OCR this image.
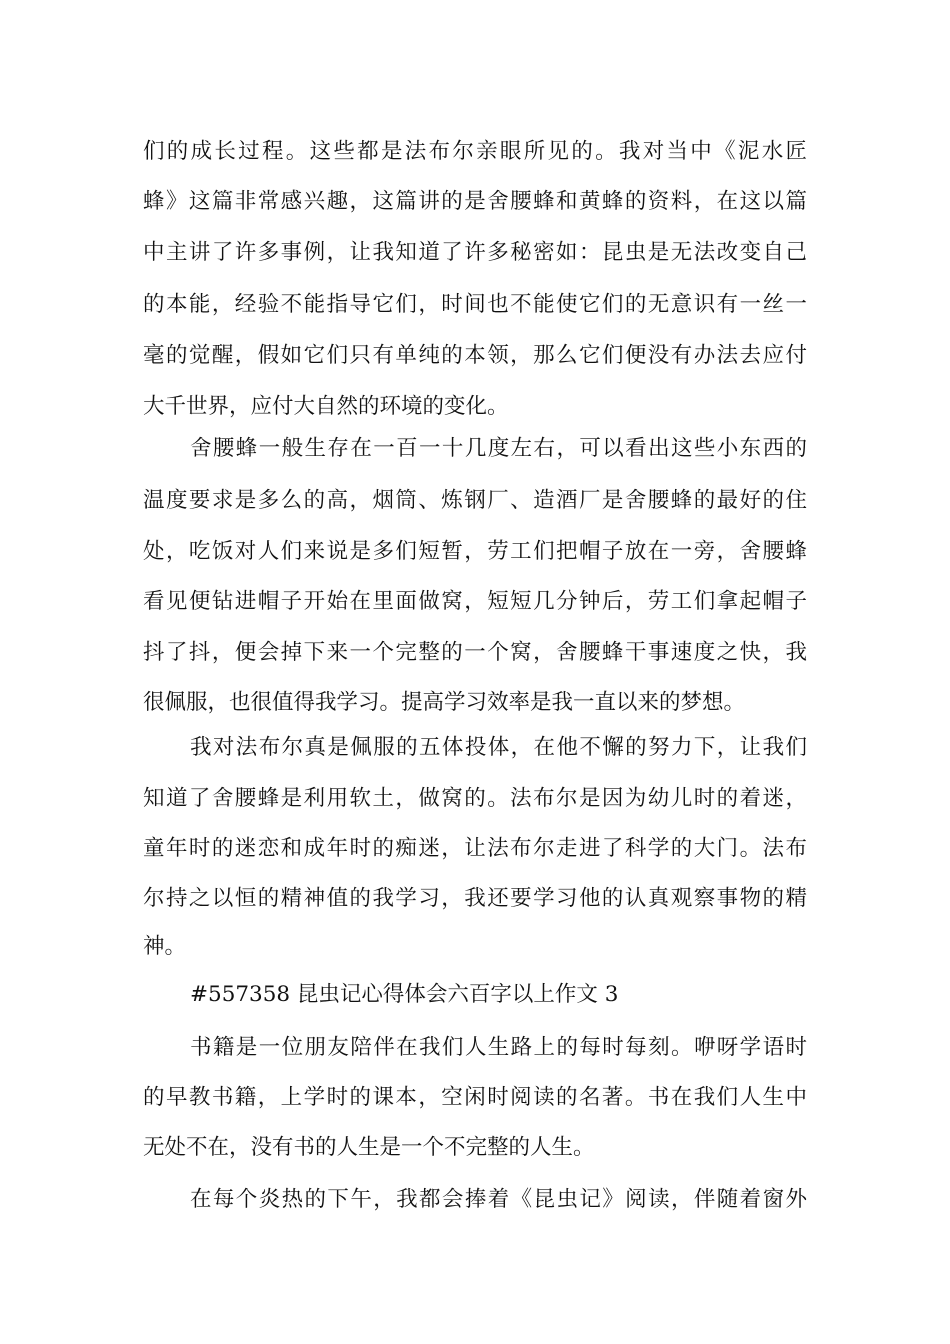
们的成长过程。这些都是法布尔亲眼所见的。我对当中《泥水匠
蜂》这篇非常感兴趣，这篇讲的是舍腰蜂和黄蜂的资料，在这以篇
中主讲了许多事例，让我知道了许多秘密如：昆虫是无法改变自己
的本能，经验不能指导它们，时间也不能使它们的无意识有一丝一
毫的觉醒，假如它们只有单纯的本领，那么它们便没有办法去应付
大千世界，应付大自然的环境的变化。
舍腰蜂一般生存在一百一十几度左右，可以看出这些小东西的
温度要求是多么的高，烟筒、炼钢厂、造酒厂是舍腰蜂的最好的住
处，吃饭对人们来说是多们短暂，劳工们把帽子放在一旁，舍腰蜂
看见便钻进帽子开始在里面做窝，短短几分钟后，劳工们拿起帽子
抖了抖，便会掉下来一个完整的一个窝，舍腰蜂干事速度之快，我
很佩服，也很值得我学习。提高学习效率是我一直以来的梦想。
我对法布尔真是佩服的五体投体，在他不懈的努力下，让我们
知道了舍腰蜂是利用软土，做窝的。法布尔是因为幼儿时的着迷，
童年时的迷恋和成年时的痴迷，让法布尔走进了科学的大门。法布
尔持之以恒的精神值的我学习，我还要学习他的认真观察事物的精
神。
#557358 昆虫记心得体会六百字以上作文 3
书籍是一位朋友陪伴在我们人生路上的每时每刻。咿呀学语时
的早教书籍，上学时的课本，空闲时阅读的名著。书在我们人生中
无处不在，没有书的人生是一个不完整的人生。
在每个炎热的下午，我都会捧着《昆虫记》阅读，伴随着窗外
